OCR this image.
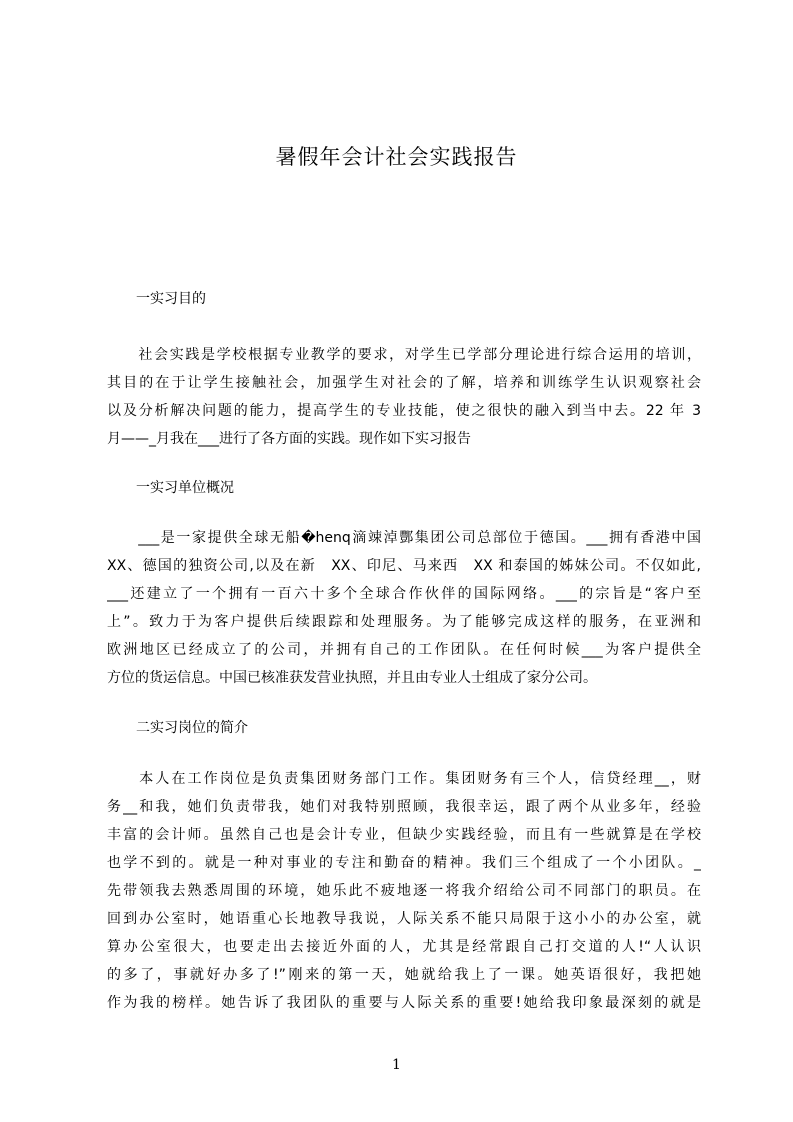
暑假年会计社会实践报告
一实习目的
　　社会实践是学校根据专业教学的要求，对学生已学部分理论进行综合运用的培训，
其目的在于让学生接触社会，加强学生对社会的了解，培养和训练学生认识观察社会
以及分析解决问题的能力，提高学生的专业技能，使之很快的融入到当中去。22 年 3
月——_月我在___进行了各方面的实践。现作如下实习报告
一实习单位概况
　　___是一家提供全球无船�henq滴竦淖酆集团公司总部位于德国。___拥有香港中国
XX、德国的独资公司,以及在新　XX、印尼、马来西　XX 和泰国的姊妹公司。不仅如此,
___还建立了一个拥有一百六十多个全球合作伙伴的国际网络。___的宗旨是“客户至
上”。致力于为客户提供后续跟踪和处理服务。为了能够完成这样的服务，在亚洲和
欧洲地区已经成立了的公司，并拥有自己的工作团队。在任何时候___为客户提供全
方位的货运信息。中国已核准获发营业执照，并且由专业人士组成了家分公司。
二实习岗位的简介
　　本人在工作岗位是负责集团财务部门工作。集团财务有三个人，信贷经理__，财
务__和我，她们负责带我，她们对我特别照顾，我很幸运，跟了两个从业多年，经验
丰富的会计师。虽然自己也是会计专业，但缺少实践经验，而且有一些就算是在学校
也学不到的。就是一种对事业的专注和勤奋的精神。我们三个组成了一个小团队。_
先带领我去熟悉周围的环境，她乐此不疲地逐一将我介绍给公司不同部门的职员。在
回到办公室时，她语重心长地教导我说，人际关系不能只局限于这小小的办公室，就
算办公室很大，也要走出去接近外面的人，尤其是经常跟自己打交道的人!“人认识
的多了，事就好办多了!”刚来的第一天，她就给我上了一课。她英语很好，我把她
作为我的榜样。她告诉了我团队的重要与人际关系的重要!她给我印象最深刻的就是
1
